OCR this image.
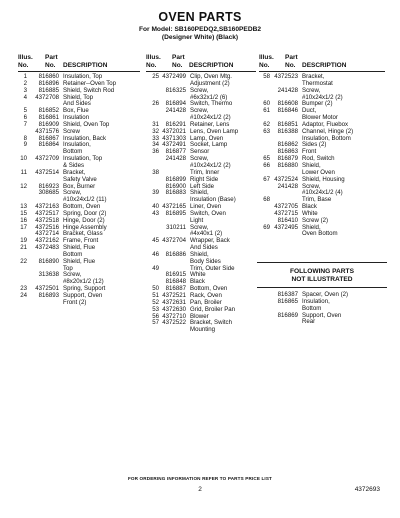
OVEN PARTS
For Model: SB160PEDQ2,SB160PEDB2
(Designer White) (Black)
Illus.
No.
Part
No.	DESCRIPTION
1	816860 Insulation, Top
2	816896 Retainer--Oven Top
3	816885 Shield, Switch Rod
4	4372708 Shield, Top
And Sides
5	816852 Box, Flue
6	816861 Insulation
7	816909 Shield, Oven Top
4371576 Screw
8	816867 Insulation, Back
9	816864 Insulation,
Bottom
10	4372709 Insulation, Top
& Sides
11	4372514 Bracket,
Safety Valve
12	816923 Box, Burner
308685 Screw,
#10x24x1/2 (11)
13	4372163 Bottom, Oven
15	4372517 Spring, Door (2)
16	4372518 Hinge, Door (2)
17	4372516 Hinge Assembly
4372714 Bracket, Glass
19	4372162 Frame, Front
21	4372483 Shield, Flue
Bottom
22	816890 Shield, Flue
Top
313638 Screw,
#8x20x1/2 (12)
23	4372501 Spring, Support
24	816893 Support, Oven
Front (2)
Illus.
No.
Part
No.	DESCRIPTION
25 4372499 Clip, Oven Mtg.
Adjustment (2)
816325 Screw,
#6x32x1/2 (6)
26	816894 Switch, Thermo
241428 Screw,
#10x24x1/2 (2)
31	816291 Retainer, Lens
32 4372021 Lens, Oven Lamp
33 4371303 Lamp, Oven
34 4372491 Socket, Lamp
36	816877 Sensor
241428 Screw,
#10x24x1/2 (2)
38	Trim, Inner
816899 Right Side
816900 Left Side
39	816883 Shield,
Insulation (Base)
40 4372165 Liner, Oven
43	816895 Switch, Oven
Light
310211 Screw,
#4x40x1 (2)
45 4372704 Wrapper, Back
And Sides
46	816886 Shield,
Body Sides
49	Trim, Outer Side
816915 White
816848 Black
50	816887 Bottom, Oven
51 4372521 Rack, Oven
52 4372631 Pan, Broiler
53 4372630 Grid, Broiler Pan
56 4372710 Blower
57 4372522 Bracket, Switch
Mounting
Illus.
No.
Part
No.	DESCRIPTION
58 4372523 Bracket,
Thermostat
241428 Screw,
#10x24x1/2 (2)
60	816608 Bumper (2)
61	816846 Duct,
Blower Motor
62	816851 Adaptor, Fluebox
63	816388 Channel, Hinge (2)
Insulation, Bottom
816862 Sides (2)
816863 Front
65	816879 Rod, Switch
66	816880 Shield,
Lower Oven
67 4372524 Shield, Housing
241428 Screw,
#10x24x1/2 (4)
68	Trim, Base
4372705 Black
4372715 White
816410 Screw (2)
69 4372495 Shield,
Oven Bottom
FOLLOWING PARTS
NOT ILLUSTRATED
816387 Spacer, Oven (2)
816865 Insulation,
Bottom
816869 Support, Oven
Rear
FOR ORDERING INFORMATION REFER TO PARTS PRICE LIST
2	4372693
